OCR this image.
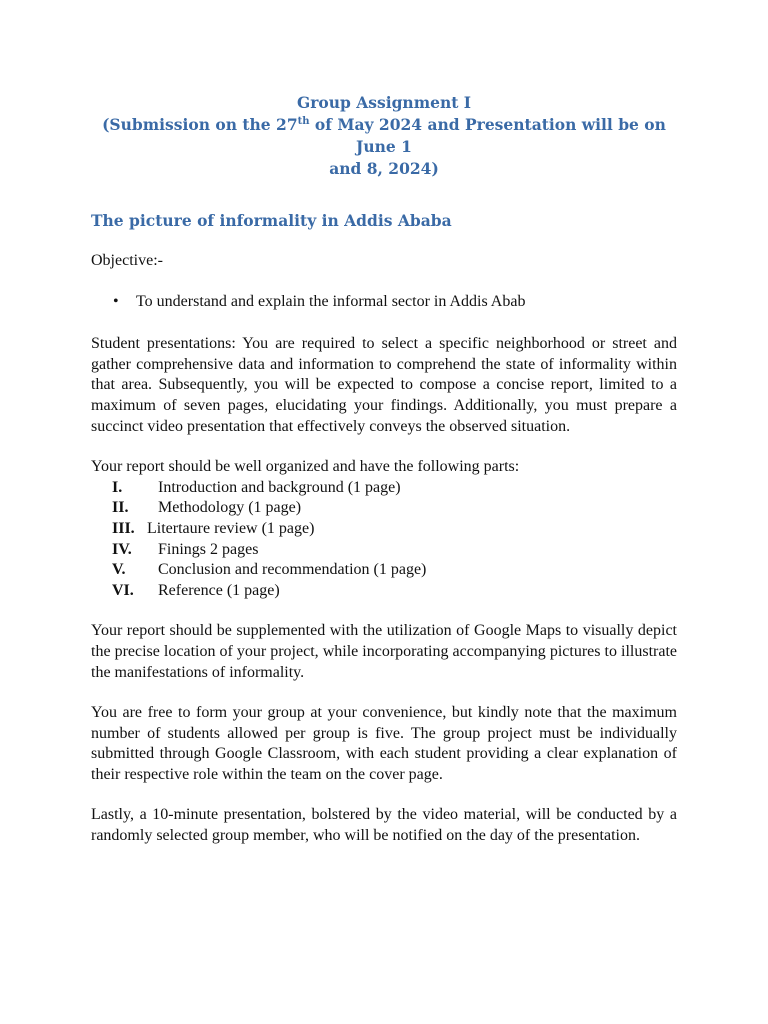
Group Assignment I
(Submission on the 27th of May 2024 and Presentation will be on June 1
and 8, 2024)
The picture of informality in Addis Ababa

Objective:-

• To understand and explain the informal sector in Addis Abab

Student presentations: You are required to select a specific neighborhood or street and gather comprehensive data and information to comprehend the state of informality within that area. Subsequently, you will be expected to compose a concise report, limited to a maximum of seven pages, elucidating your findings. Additionally, you must prepare a succinct video presentation that effectively conveys the observed situation.

Your report should be well organized and have the following parts:

I. Introduction and background (1 page)
II. Methodology (1 page)
III. Litertaure review (1 page)
IV. Finings 2 pages
V. Conclusion and recommendation (1 page)
VI. Reference (1 page)

Your report should be supplemented with the utilization of Google Maps to visually depict the precise location of your project, while incorporating accompanying pictures to illustrate the manifestations of informality.

You are free to form your group at your convenience, but kindly note that the maximum number of students allowed per group is five. The group project must be individually submitted through Google Classroom, with each student providing a clear explanation of their respective role within the team on the cover page.

Lastly, a 10-minute presentation, bolstered by the video material, will be conducted by a randomly selected group member, who will be notified on the day of the presentation.
